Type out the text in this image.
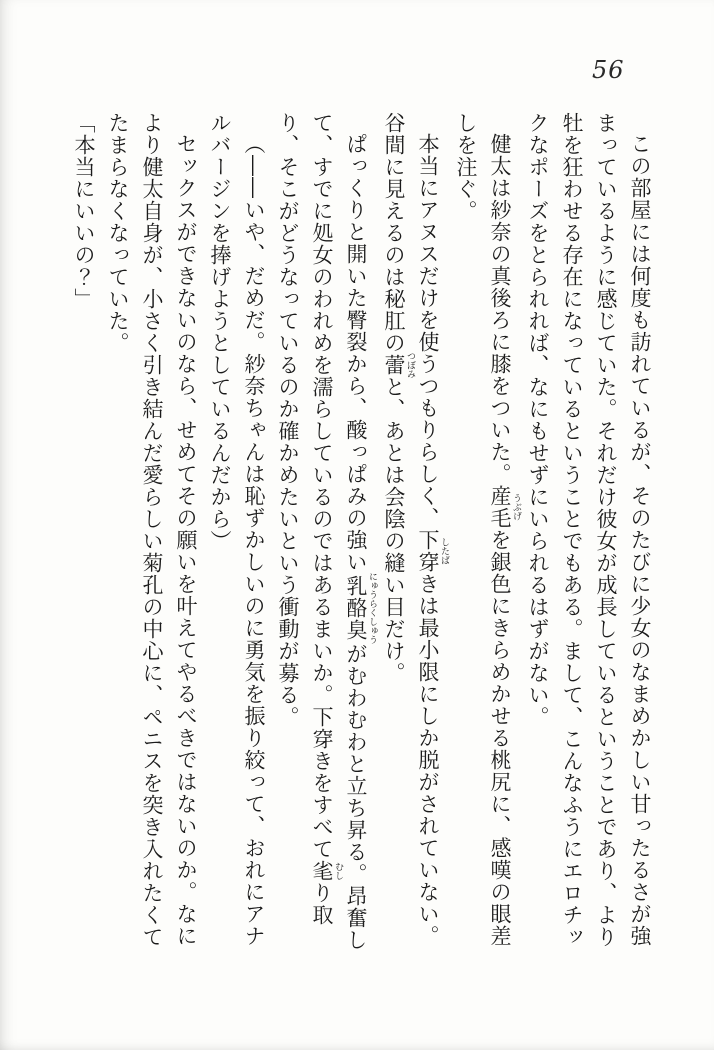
56

この部屋には何度も訪れているが、そのたびに少女のなまめかしい甘ったるさが強まっているように感じていた。それだけ彼女が成長しているということであり、より牡を狂わせる存在になっているということでもある。まして、こんなふうにエロチックなポーズをとられれば、なにもせずにいられるはずがない。

健太は紗奈の真後ろに膝をついた。産毛 うぶげを銀色にきらめかせる桃尻に、感嘆の眼差しを注ぐ。

本当にアヌスだけを使うつもりらしく、下穿 したばきは最小限にしか脱がされていない。谷間に見えるのは秘肛の蕾 つぼみと、あとは会陰の縫い目だけ。

ぱっくりと開いた臀裂から、酸っぱみの強い乳酪臭 にゅうらくしゅうがむわむわと立ち昇る。昂奮して、すでに処女のわれめを濡らしているのではあるまいか。下穿きをすべて毟 むしり取り、そこがどうなっているのか確かめたいという衝動が募る。

（――いや、だめだ。紗奈ちゃんは恥ずかしいのに勇気を振り絞って、おれにアナルバージンを捧げようとしているんだから）

セックスができないのなら、せめてその願いを叶えてやるべきではないのか。なにより健太自身が、小さく引き結んだ愛らしい菊孔の中心に、ペニスを突き入れたくてたまらなくなっていた。

「本当にいいの？」
